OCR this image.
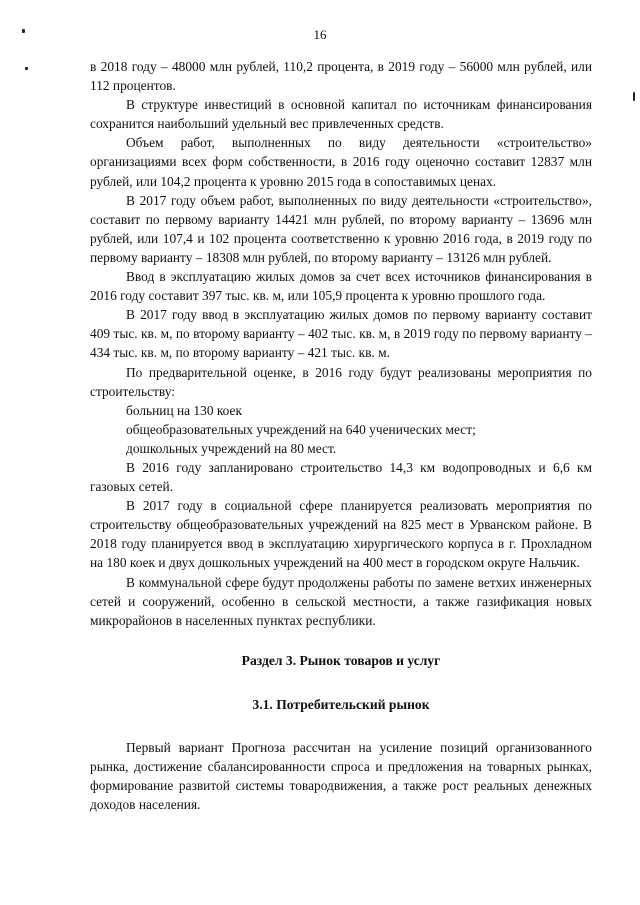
16

в 2018 году – 48000 млн рублей, 110,2 процента, в 2019 году – 56000 млн рублей, или 112 процентов.

В структуре инвестиций в основной капитал по источникам финансирования сохранится наибольший удельный вес привлеченных средств.

Объем работ, выполненных по виду деятельности «строительство» организациями всех форм собственности, в 2016 году оценочно составит 12837 млн рублей, или 104,2 процента к уровню 2015 года в сопоставимых ценах.

В 2017 году объем работ, выполненных по виду деятельности «строительство», составит по первому варианту 14421 млн рублей, по второму варианту – 13696 млн рублей, или 107,4 и 102 процента соответственно к уровню 2016 года, в 2019 году по первому варианту – 18308 млн рублей, по второму варианту – 13126 млн рублей.

Ввод в эксплуатацию жилых домов за счет всех источников финансирования в 2016 году составит 397 тыс. кв. м, или 105,9 процента к уровню прошлого года.

В 2017 году ввод в эксплуатацию жилых домов по первому варианту составит 409 тыс. кв. м, по второму варианту – 402 тыс. кв. м, в 2019 году по первому варианту – 434 тыс. кв. м, по второму варианту – 421 тыс. кв. м.

По предварительной оценке, в 2016 году будут реализованы мероприятия по строительству:

больниц на 130 коек

общеобразовательных учреждений на 640 ученических мест;

дошкольных учреждений на 80 мест.

В 2016 году запланировано строительство 14,3 км водопроводных и 6,6 км газовых сетей.

В 2017 году в социальной сфере планируется реализовать мероприятия по строительству общеобразовательных учреждений на 825 мест в Урванском районе. В 2018 году планируется ввод в эксплуатацию хирургического корпуса в г. Прохладном на 180 коек и двух дошкольных учреждений на 400 мест в городском округе Нальчик.

В коммунальной сфере будут продолжены работы по замене ветхих инженерных сетей и сооружений, особенно в сельской местности, а также газификация новых микрорайонов в населенных пунктах республики.

Раздел 3. Рынок товаров и услуг
3.1. Потребительский рынок

Первый вариант Прогноза рассчитан на усиление позиций организованного рынка, достижение сбалансированности спроса и предложения на товарных рынках, формирование развитой системы товародвижения, а также рост реальных денежных доходов населения.
